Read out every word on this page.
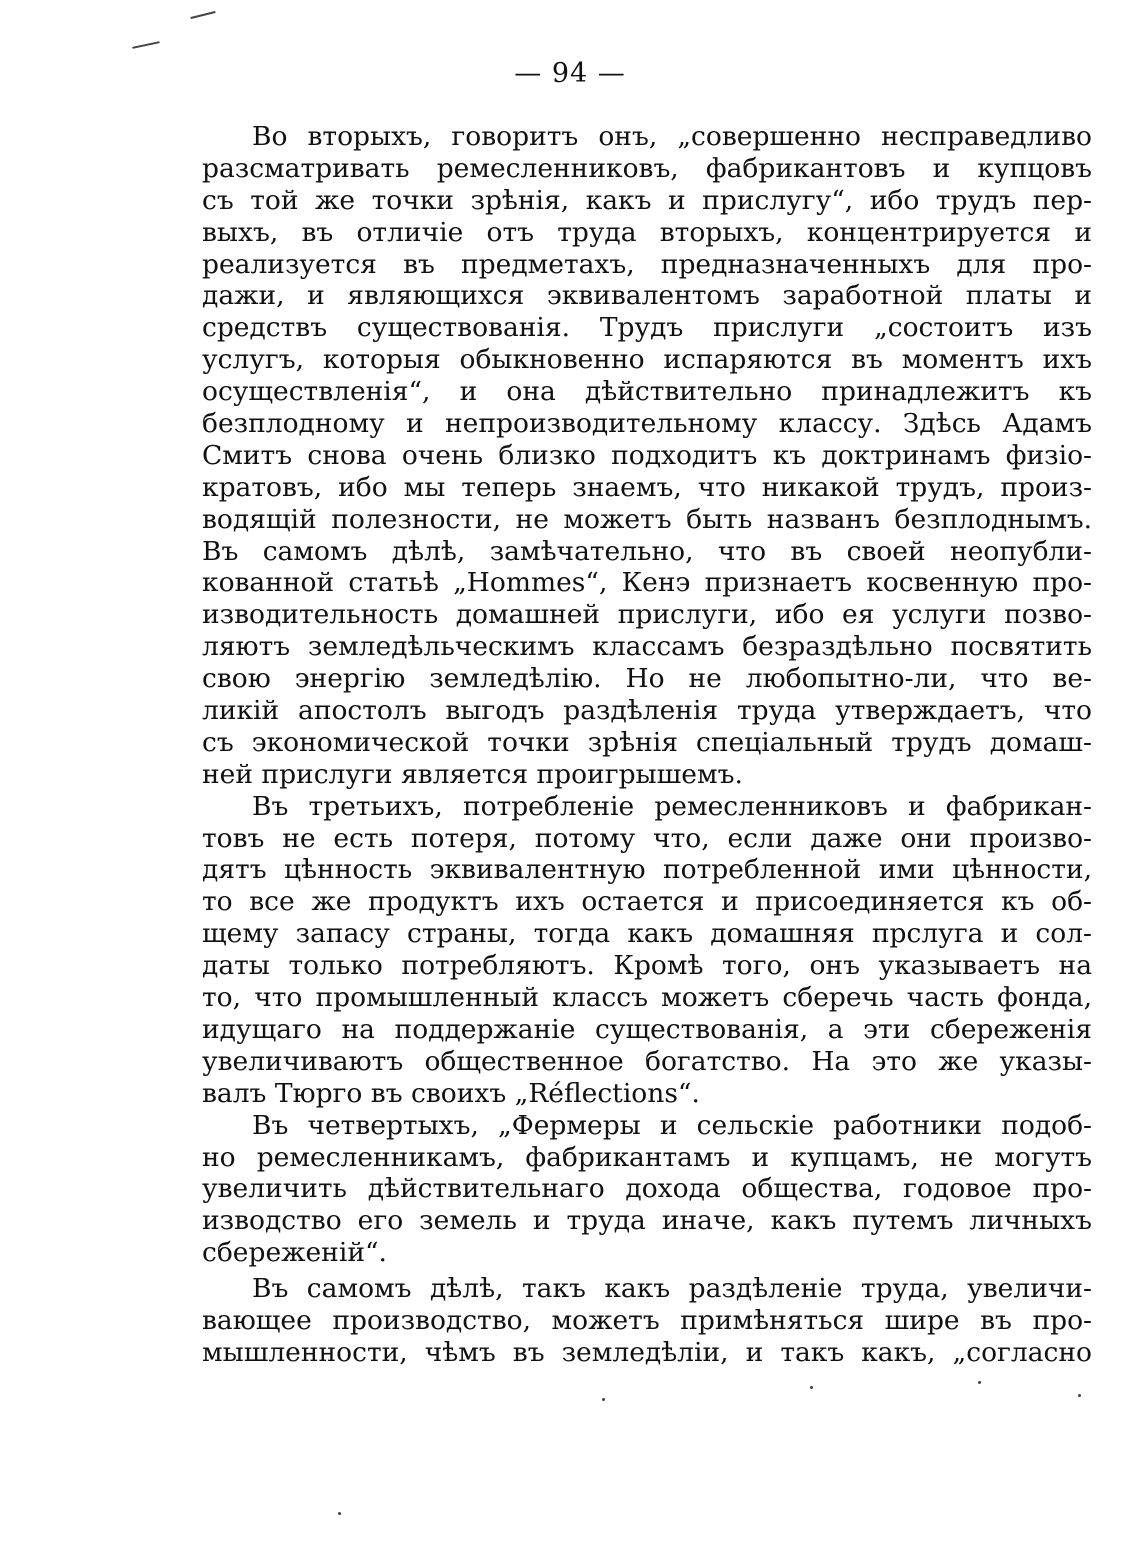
— 94 —
Во вторыхъ, говоритъ онъ, „совершенно несправедливо
разсматривать ремесленниковъ, фабрикантовъ и купцовъ
съ той же точки зрѣнія, какъ и прислугу“, ибо трудъ пер-
выхъ, въ отличіе отъ труда вторыхъ, концентрируется и
реализуется въ предметахъ, предназначенныхъ для про-
дажи, и являющихся эквивалентомъ заработной платы и
средствъ существованія. Трудъ прислуги „состоитъ изъ
услугъ, которыя обыкновенно испаряются въ моментъ ихъ
осуществленія“, и она дѣйствительно принадлежитъ къ
безплодному и непроизводительному классу. Здѣсь Адамъ
Смитъ снова очень близко подходитъ къ доктринамъ физіо-
кратовъ, ибо мы теперь знаемъ, что никакой трудъ, произ-
водящій полезности, не можетъ быть названъ безплоднымъ.
Въ самомъ дѣлѣ, замѣчательно, что въ своей неопубли-
кованной статьѣ „Hommes“, Кенэ признаетъ косвенную про-
изводительность домашней прислуги, ибо ея услуги позво-
ляютъ земледѣльческимъ классамъ безраздѣльно посвятить
свою энергію земледѣлію. Но не любопытно-ли, что ве-
ликій апостолъ выгодъ раздѣленія труда утверждаетъ, что
съ экономической точки зрѣнія спеціальный трудъ домаш-
ней прислуги является проигрышемъ.
Въ третьихъ, потребленіе ремесленниковъ и фабрикан-
товъ не есть потеря, потому что, если даже они произво-
дятъ цѣнность эквивалентную потребленной ими цѣнности,
то все же продуктъ ихъ остается и присоединяется къ об-
щему запасу страны, тогда какъ домашняя прслуга и сол-
даты только потребляютъ. Кромѣ того, онъ указываетъ на
то, что промышленный классъ можетъ сберечь часть фонда,
идущаго на поддержаніе существованія, а эти сбереженія
увеличиваютъ общественное богатство. На это же указы-
валъ Тюрго въ своихъ „Réflections“.
Въ четвертыхъ, „Фермеры и сельскіе работники подоб-
но ремесленникамъ, фабрикантамъ и купцамъ, не могутъ
увеличить дѣйствительнаго дохода общества, годовое про-
изводство его земель и труда иначе, какъ путемъ личныхъ
сбереженій“.
Въ самомъ дѣлѣ, такъ какъ раздѣленіе труда, увеличи-
вающее производство, можетъ примѣняться шире въ про-
мышленности, чѣмъ въ земледѣліи, и такъ какъ, „согласно
